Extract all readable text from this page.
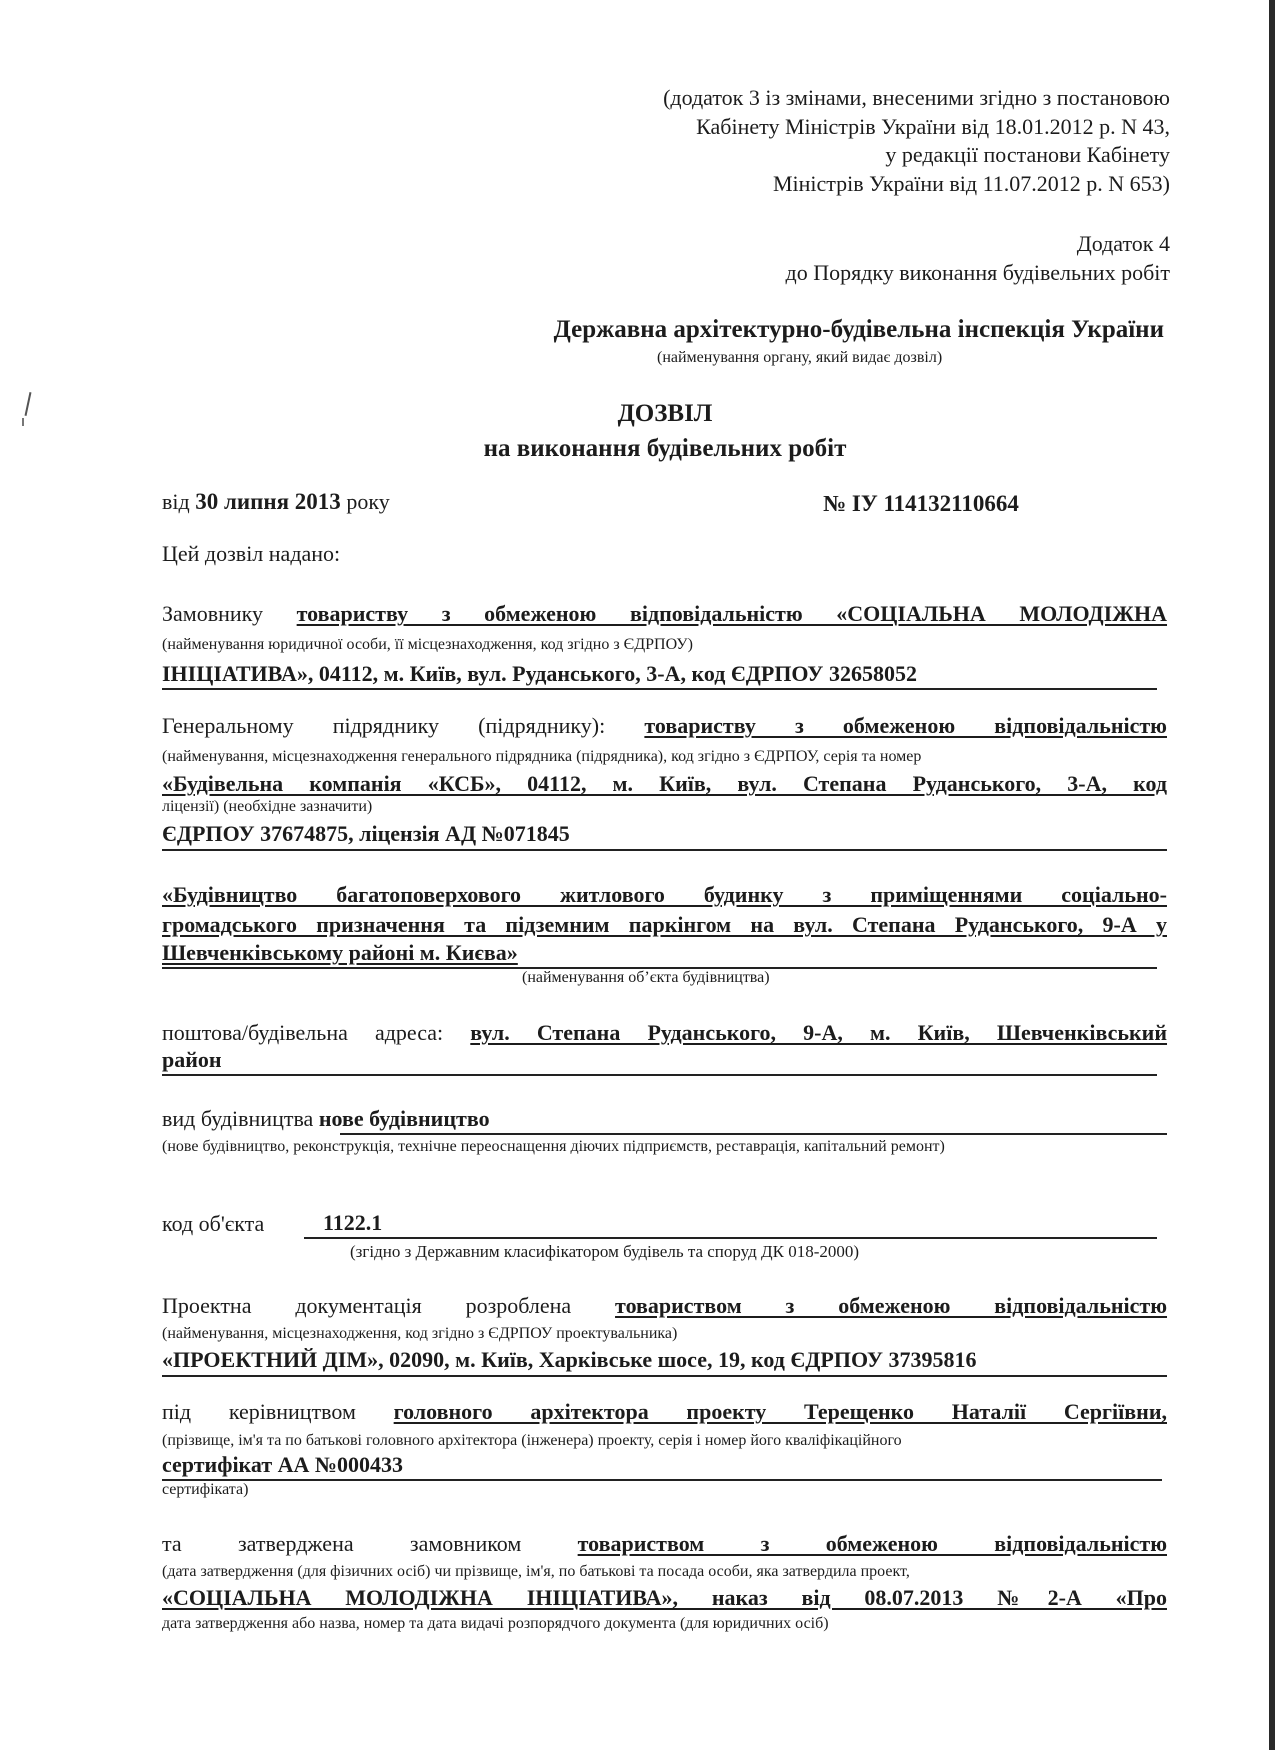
(додаток 3 із змінами, внесеними згідно з постановою
Кабінету Міністрів України від 18.01.2012 р. N 43,
у редакції постанови Кабінету
Міністрів України від 11.07.2012 р. N 653)
Додаток 4
до Порядку виконання будівельних робіт
Державна архітектурно-будівельна інспекція України
(найменування органу, який видає дозвіл)
ДОЗВІЛ
на виконання будівельних робіт
від 30 липня 2013 року	№ ІУ 114132110664
Цей дозвіл надано:
Замовнику товариству з обмеженою відповідальністю «СОЦІАЛЬНА МОЛОДІЖНА
(найменування юридичної особи, її місцезнаходження, код згідно з ЄДРПОУ)
ІНІЦІАТИВА», 04112, м. Київ, вул. Руданського, 3-А, код ЄДРПОУ 32658052
Генеральному підряднику (підряднику): товариству з обмеженою відповідальністю
(найменування, місцезнаходження генерального підрядника (підрядника), код згідно з ЄДРПОУ, серія та номер
«Будівельна компанія «КСБ», 04112, м. Київ, вул. Степана Руданського, 3-А, код
ліцензії) (необхідне зазначити)
ЄДРПОУ 37674875, ліцензія АД №071845
«Будівництво багатоповерхового житлового будинку з приміщеннями соціально-
громадського призначення та підземним паркінгом на вул. Степана Руданського, 9-А у
Шевченківському районі м. Києва»
(найменування об’єкта будівництва)
поштова/будівельна адреса: вул. Степана Руданського, 9-А, м. Київ, Шевченківський
район
вид будівництва нове будівництво
(нове будівництво, реконструкція, технічне переоснащення діючих підприємств, реставрація, капітальний ремонт)
код об'єкта	1122.1
(згідно з Державним класифікатором будівель та споруд ДК 018-2000)
Проектна документація розроблена товариством з обмеженою відповідальністю
(найменування, місцезнаходження, код згідно з ЄДРПОУ проектувальника)
«ПРОЕКТНИЙ ДІМ», 02090, м. Київ, Харківське шосе, 19, код ЄДРПОУ 37395816
під керівництвом головного архітектора проекту Терещенко Наталії Сергіївни,
(прізвище, ім'я та по батькові головного архітектора (інженера) проекту, серія і номер його кваліфікаційного
сертифікат АА №000433
сертифіката)
та затверджена замовником	товариством з обмеженою відповідальністю
(дата затвердження (для фізичних осіб) чи прізвище, ім'я, по батькові та посада особи, яка затвердила проект,
«СОЦІАЛЬНА МОЛОДІЖНА ІНІЦІАТИВА», наказ від 08.07.2013 №2-А «Про
дата затвердження або назва, номер та дата видачі розпорядчого документа (для юридичних осіб)
